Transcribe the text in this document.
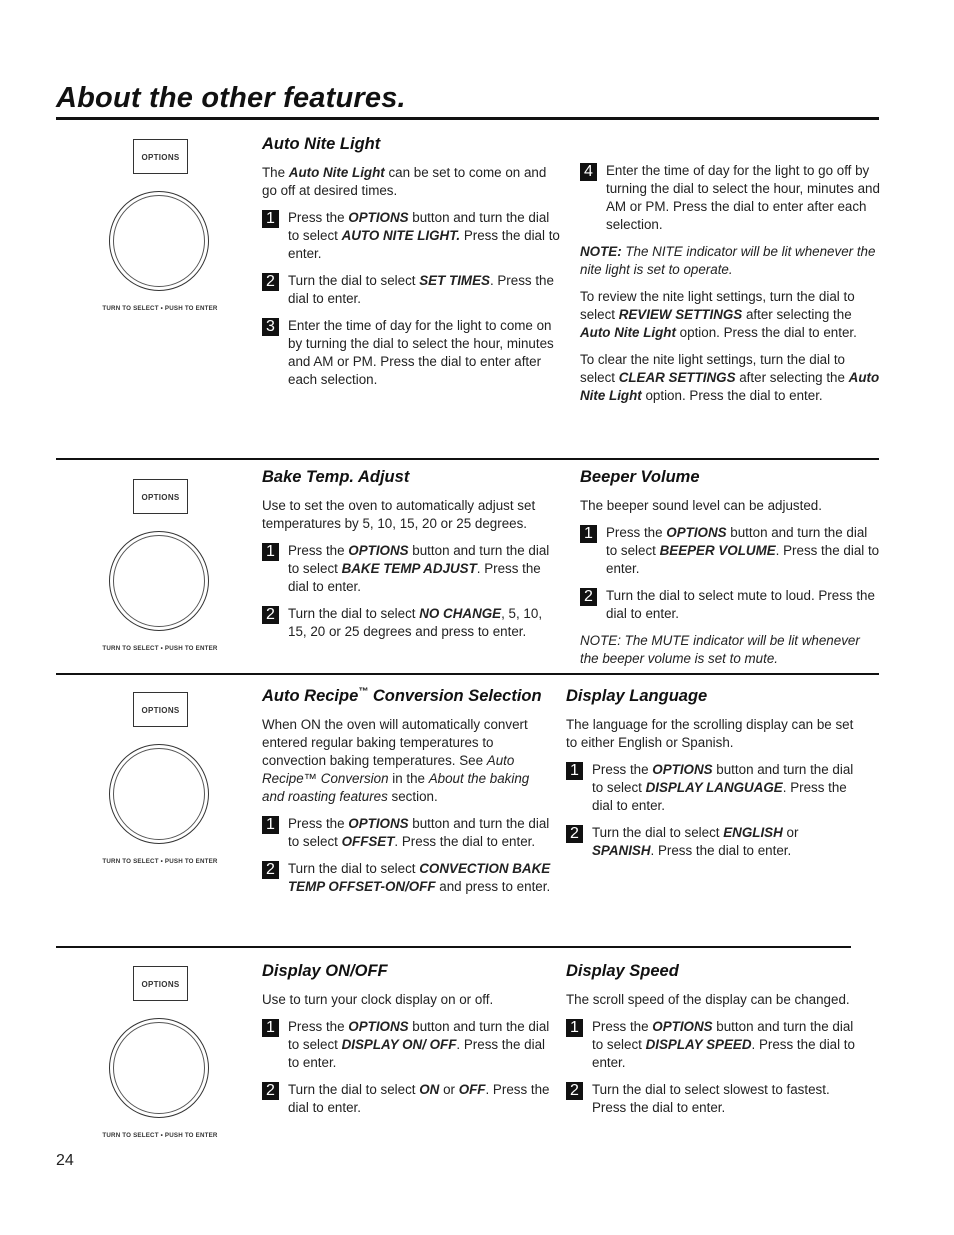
About the other features.
OPTIONS
TURN TO SELECT • PUSH TO ENTER
Auto Nite Light

The Auto Nite Light can be set to come on and go off at desired times.

1 Press the OPTIONS button and turn the dial to select AUTO NITE LIGHT. Press the dial to enter.
2 Turn the dial to select SET TIMES. Press the dial to enter.
3 Enter the time of day for the light to come on by turning the dial to select the hour, minutes and AM or PM. Press the dial to enter after each selection.
4 Enter the time of day for the light to go off by turning the dial to select the hour, minutes and AM or PM. Press the dial to enter after each selection.

NOTE: The NITE indicator will be lit whenever the nite light is set to operate.

To review the nite light settings, turn the dial to select REVIEW SETTINGS after selecting the Auto Nite Light option. Press the dial to enter.

To clear the nite light settings, turn the dial to select CLEAR SETTINGS after selecting the Auto Nite Light option. Press the dial to enter.

OPTIONS
TURN TO SELECT • PUSH TO ENTER
Bake Temp. Adjust

Use to set the oven to automatically adjust set temperatures by 5, 10, 15, 20 or 25 degrees.

1 Press the OPTIONS button and turn the dial to select BAKE TEMP ADJUST. Press the dial to enter.
2 Turn the dial to select NO CHANGE, 5, 10, 15, 20 or 25 degrees and press to enter.
Beeper Volume

The beeper sound level can be adjusted.

1 Press the OPTIONS button and turn the dial to select BEEPER VOLUME. Press the dial to enter.
2 Turn the dial to select mute to loud. Press the dial to enter.

NOTE: The MUTE indicator will be lit whenever the beeper volume is set to mute.

OPTIONS
TURN TO SELECT • PUSH TO ENTER
Auto Recipe™ Conversion Selection

When ON the oven will automatically convert entered regular baking temperatures to convection baking temperatures. See Auto Recipe™ Conversion in the About the baking and roasting features section.

1 Press the OPTIONS button and turn the dial to select OFFSET. Press the dial to enter.
2 Turn the dial to select CONVECTION BAKE TEMP OFFSET-ON/OFF and press to enter.
Display Language

The language for the scrolling display can be set to either English or Spanish.

1 Press the OPTIONS button and turn the dial to select DISPLAY LANGUAGE. Press the dial to enter.
2 Turn the dial to select ENGLISH or SPANISH. Press the dial to enter.
OPTIONS
TURN TO SELECT • PUSH TO ENTER
Display ON/OFF

Use to turn your clock display on or off.

1 Press the OPTIONS button and turn the dial to select DISPLAY ON/ OFF. Press the dial to enter.
2 Turn the dial to select ON or OFF. Press the dial to enter.
Display Speed

The scroll speed of the display can be changed.

1 Press the OPTIONS button and turn the dial to select DISPLAY SPEED. Press the dial to enter.
2 Turn the dial to select slowest to fastest. Press the dial to enter.
24
